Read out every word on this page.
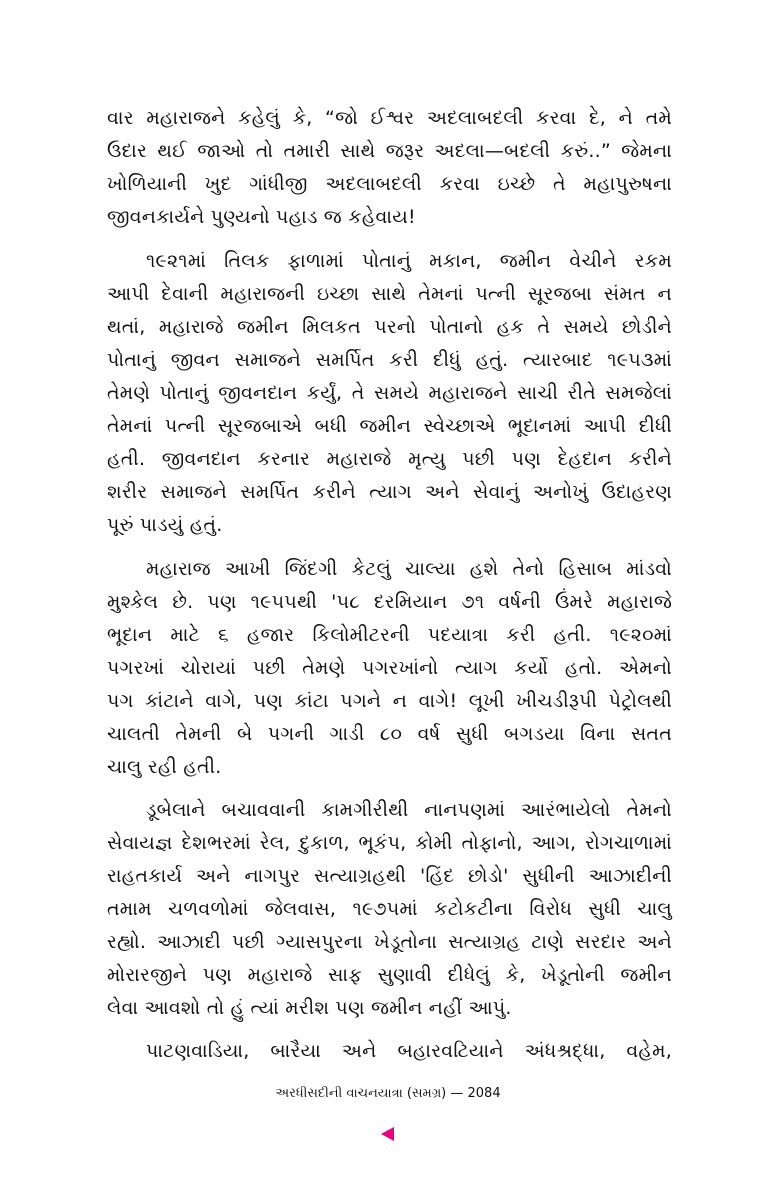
વાર મહારાજને કહેલું કે, “જો ઈશ્વર અદલાબદલી કરવા દે, ને તમે
ઉદાર થઈ જાઓ તો તમારી સાથે જરૂર અદલા—બદલી કરું..” જેમના
ખોળિયાની ખુદ ગાંધીજી અદલાબદલી કરવા ઇચ્છે તે મહાપુરુષના
જીવનકાર્યને પુણ્યનો પહાડ જ કહેવાય!
૧૯૨૧માં તિલક ફાળામાં પોતાનું મકાન, જમીન વેચીને રકમ
આપી દેવાની મહારાજની ઇચ્છા સાથે તેમનાં પત્ની સૂરજબા સંમત ન
થતાં, મહારાજે જમીન મિલકત પરનો પોતાનો હક તે સમયે છોડીને
પોતાનું જીવન સમાજને સમર્પિત કરી દીધું હતું. ત્યારબાદ ૧૯૫૩માં
તેમણે પોતાનું જીવનદાન કર્યું, તે સમયે મહારાજને સાચી રીતે સમજેલાં
તેમનાં પત્ની સૂરજબાએ બધી જમીન સ્વેચ્છાએ ભૂદાનમાં આપી દીધી
હતી. જીવનદાન કરનાર મહારાજે મૃત્યુ પછી પણ દેહદાન કરીને
શરીર સમાજને સમર્પિત કરીને ત્યાગ અને સેવાનું અનોખું ઉદાહરણ
પૂરું પાડયું હતું.
મહારાજ આખી જિંદગી કેટલું ચાલ્યા હશે તેનો હિસાબ માંડવો
મુશ્કેલ છે. પણ ૧૯૫૫થી '૫૮ દરમિયાન ૭૧ વર્ષની ઉંમરે મહારાજે
ભૂદાન માટે ૬ હજાર કિલોમીટરની પદયાત્રા કરી હતી. ૧૯૨૦માં
પગરખાં ચોરાયાં પછી તેમણે પગરખાંનો ત્યાગ કર્યો હતો. એમનો
પગ કાંટાને વાગે, પણ કાંટા પગને ન વાગે! લૂખી ખીચડીરૂપી પેટ્રોલથી
ચાલતી તેમની બે પગની ગાડી ૮૦ વર્ષ સુધી બગડયા વિના સતત
ચાલુ રહી હતી.
ડૂબેલાને બચાવવાની કામગીરીથી નાનપણમાં આરંભાયેલો તેમનો
સેવાયજ્ઞ દેશભરમાં રેલ, દુકાળ, ભૂકંપ, કોમી તોફાનો, આગ, રોગચાળામાં
રાહતકાર્ય અને નાગપુર સત્યાગ્રહથી 'હિંદ છોડો' સુધીની આઝાદીની
તમામ ચળવળોમાં જેલવાસ, ૧૯૭૫માં કટોકટીના વિરોધ સુધી ચાલુ
રહ્યો. આઝાદી પછી ગ્યાસપુરના ખેડૂતોના સત્યાગ્રહ ટાણે સરદાર અને
મોરારજીને પણ મહારાજે સાફ સુણાવી દીધેલું કે, ખેડૂતોની જમીન
લેવા આવશો તો હું ત્યાં મરીશ પણ જમીન નહીં આપું.
પાટણવાડિયા, બારૈયા અને બહારવટિયાને અંધશ્રદ્ધા, વહેમ,
અરધીસદીની વાચનયાત્રા (સમગ્ર) — 2084
